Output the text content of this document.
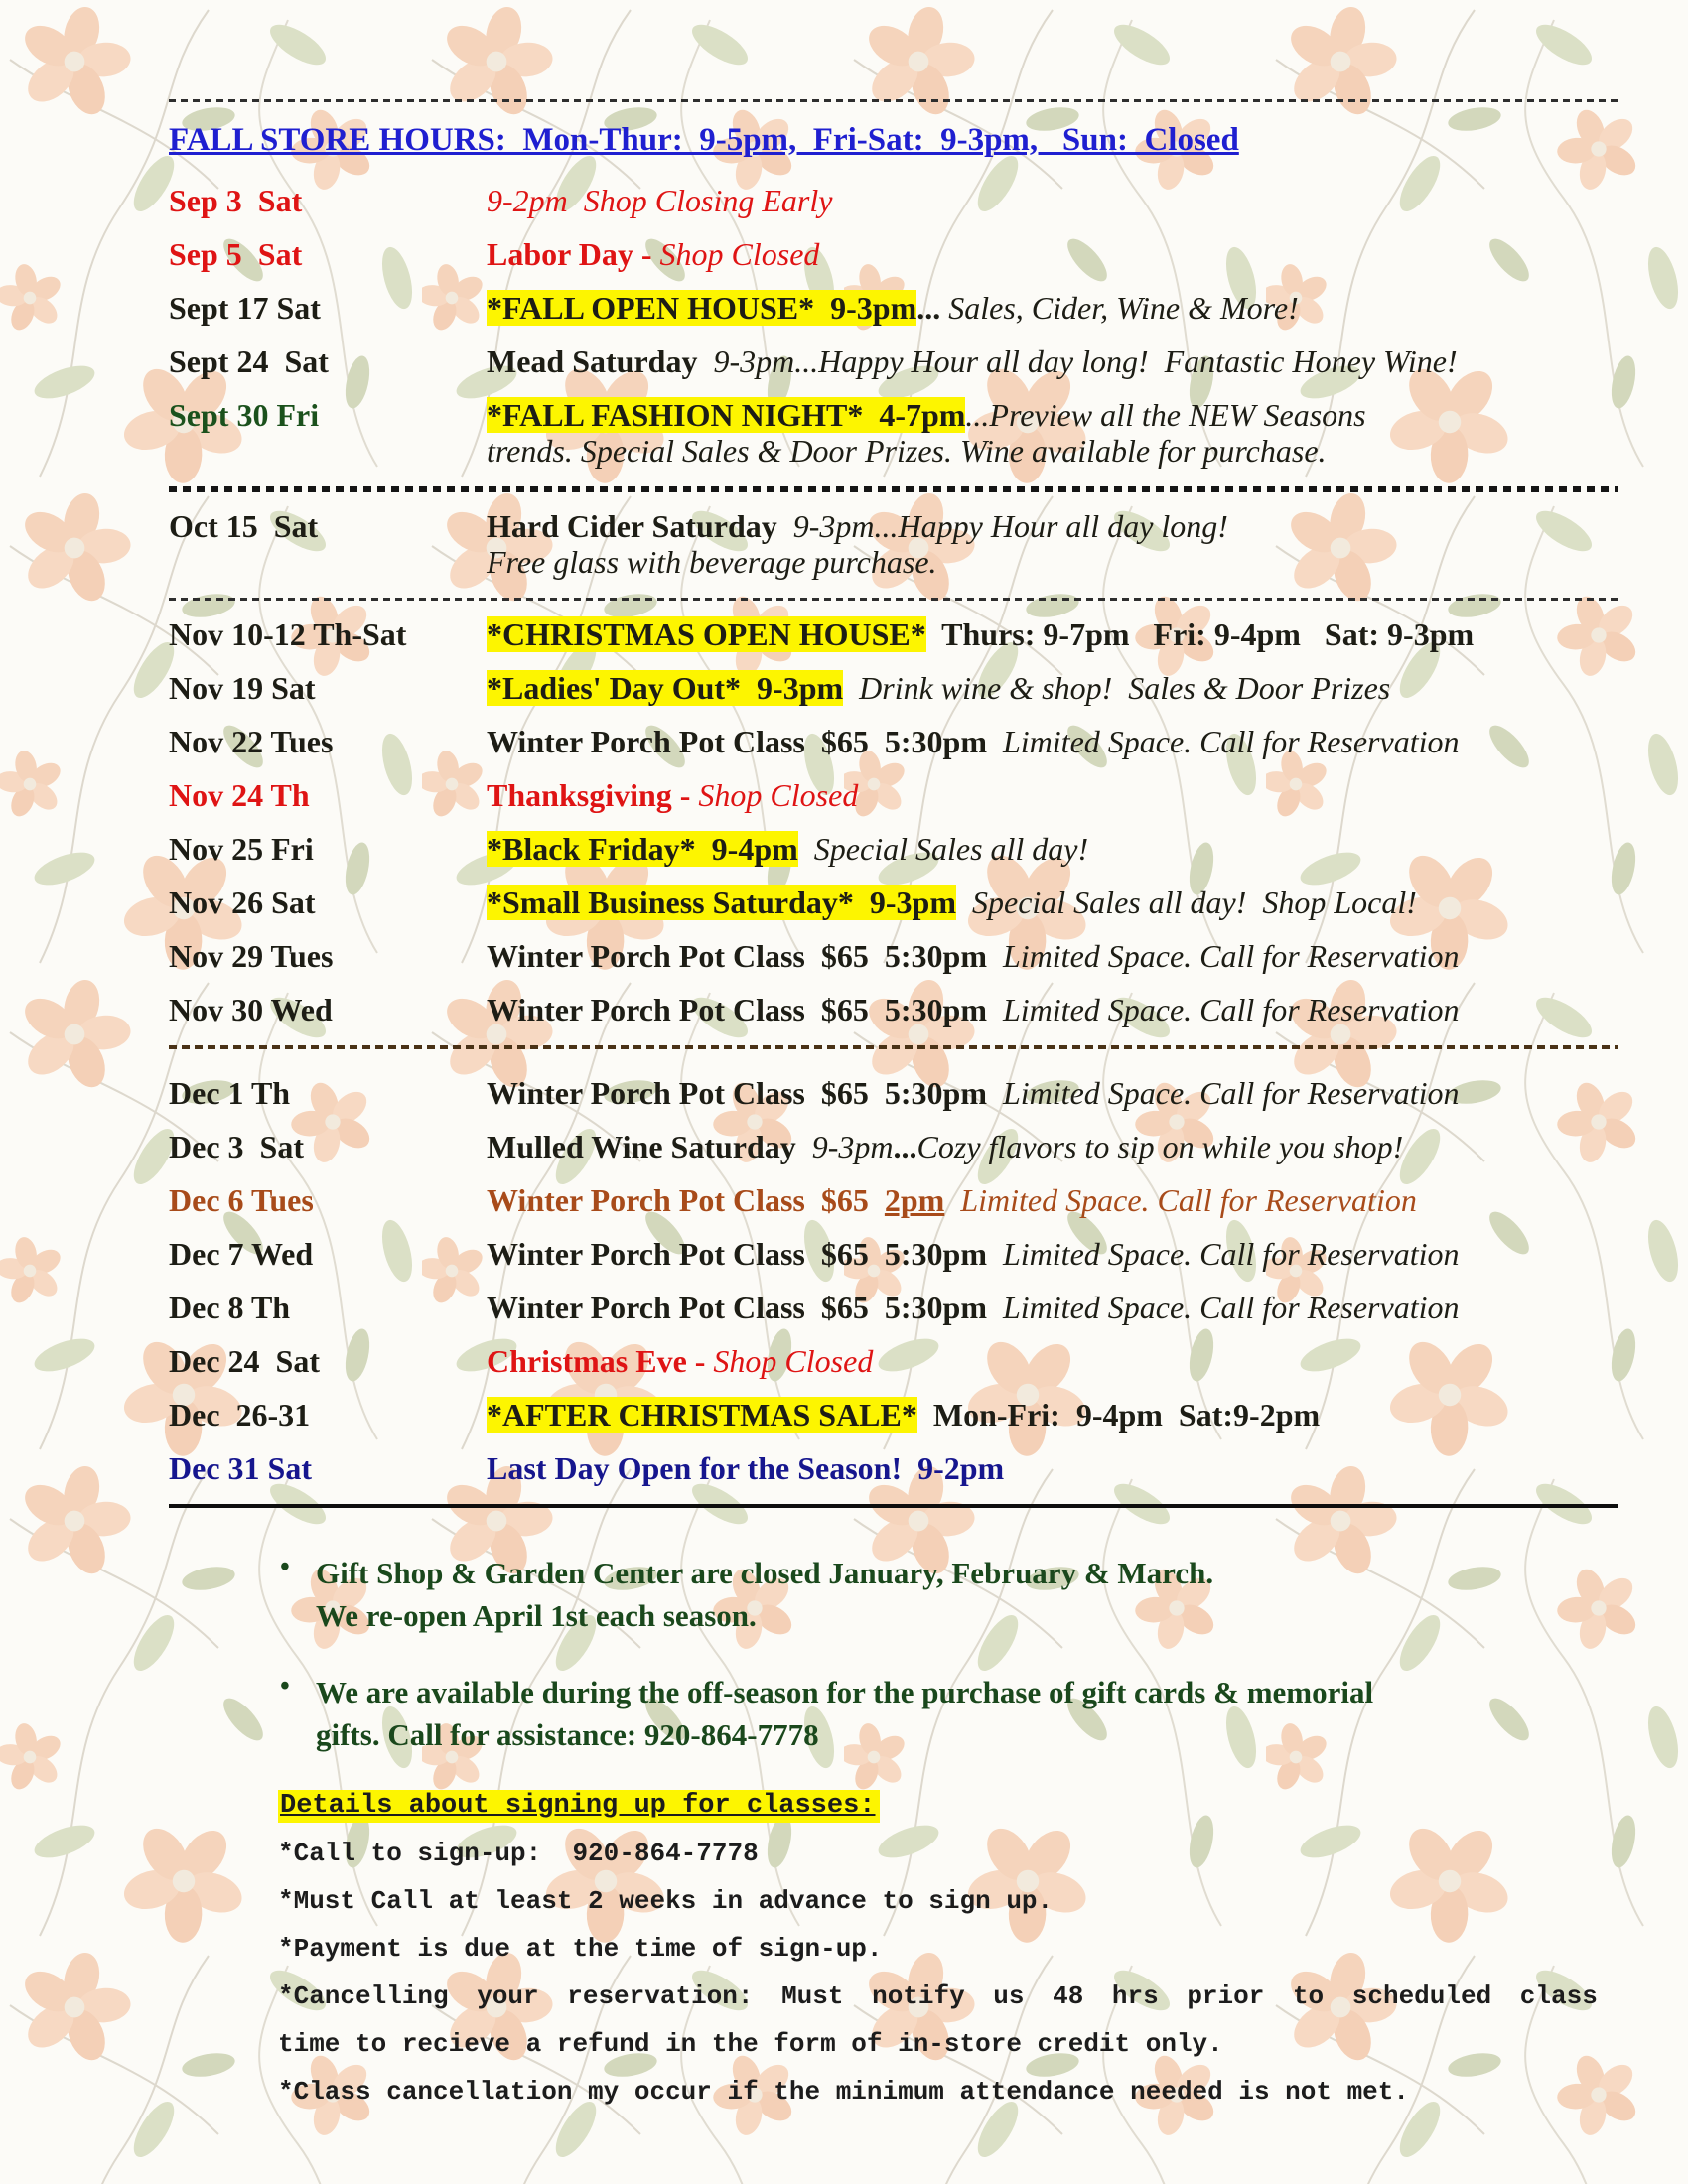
FALL STORE HOURS:  Mon-Thur:  9-5pm,  Fri-Sat:  9-3pm,   Sun:  Closed
Sep 3  Sat	9-2pm  Shop Closing Early
Sep 5  Sat	Labor Day - Shop Closed
Sept 17 Sat	*FALL OPEN HOUSE*  9-3pm... Sales, Cider, Wine & More!
Sept 24  Sat	Mead Saturday  9-3pm...Happy Hour all day long!  Fantastic Honey Wine!
Sept 30 Fri	*FALL FASHION NIGHT*  4-7pm...Preview all the NEW Seasons
trends. Special Sales & Door Prizes. Wine available for purchase.
Oct 15  Sat	Hard Cider Saturday  9-3pm...Happy Hour all day long!
Free glass with beverage purchase.
Nov 10-12 Th-Sat	*CHRISTMAS OPEN HOUSE*  Thurs: 9-7pm   Fri: 9-4pm   Sat: 9-3pm
Nov 19 Sat	*Ladies' Day Out*  9-3pm  Drink wine & shop!  Sales & Door Prizes
Nov 22 Tues	Winter Porch Pot Class  $65  5:30pm  Limited Space. Call for Reservation
Nov 24 Th	Thanksgiving - Shop Closed
Nov 25 Fri	*Black Friday*  9-4pm  Special Sales all day!
Nov 26 Sat	*Small Business Saturday*  9-3pm  Special Sales all day!  Shop Local!
Nov 29 Tues	Winter Porch Pot Class  $65  5:30pm  Limited Space. Call for Reservation
Nov 30 Wed	Winter Porch Pot Class  $65  5:30pm  Limited Space. Call for Reservation
Dec 1 Th	Winter Porch Pot Class  $65  5:30pm  Limited Space. Call for Reservation
Dec 3  Sat	Mulled Wine Saturday  9-3pm...Cozy flavors to sip on while you shop!
Dec 6 Tues	Winter Porch Pot Class  $65  2pm  Limited Space. Call for Reservation
Dec 7 Wed	Winter Porch Pot Class  $65  5:30pm  Limited Space. Call for Reservation
Dec 8 Th	Winter Porch Pot Class  $65  5:30pm  Limited Space. Call for Reservation
Dec 24  Sat	Christmas Eve - Shop Closed
Dec  26-31	*AFTER CHRISTMAS SALE*  Mon-Fri:  9-4pm  Sat:9-2pm
Dec 31 Sat	Last Day Open for the Season!  9-2pm
• Gift Shop & Garden Center are closed January, February & March.
We re-open April 1st each season.
• We are available during the off-season for the purchase of gift cards & memorial
gifts. Call for assistance: 920-864-7778
Details about signing up for classes:
*Call to sign-up:  920-864-7778
*Must Call at least 2 weeks in advance to sign up.
*Payment is due at the time of sign-up.
*Cancelling your reservation: Must notify us 48 hrs prior to scheduled class
time to recieve a refund in the form of in-store credit only.
*Class cancellation my occur if the minimum attendance needed is not met.
